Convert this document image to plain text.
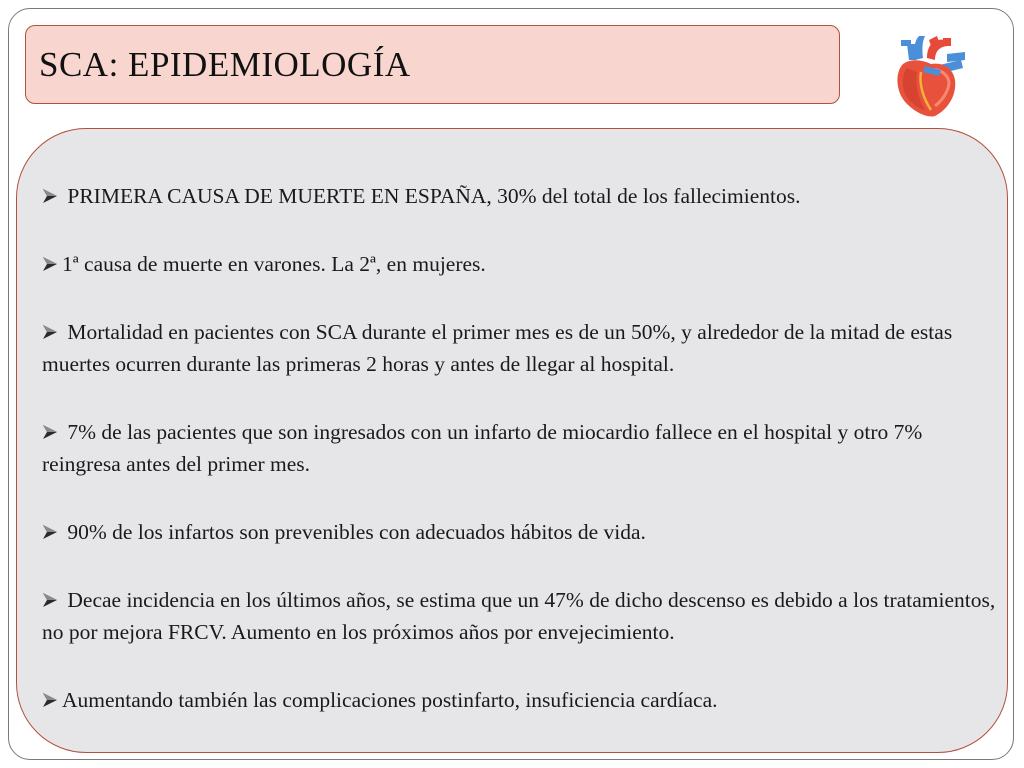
SCA: EPIDEMIOLOGÍA

PRIMERA CAUSA DE MUERTE EN ESPAÑA, 30% del total de los fallecimientos.

1ª causa de muerte en varones. La 2ª, en mujeres.

Mortalidad en pacientes con SCA durante el primer mes es de un 50%, y alrededor de la mitad de estas muertes ocurren durante las primeras 2 horas y antes de llegar al hospital.

7% de las pacientes que son ingresados con un infarto de miocardio fallece en el hospital y otro 7% reingresa antes del primer mes.

90% de los infartos son prevenibles con adecuados hábitos de vida.

Decae incidencia en los últimos años, se estima que un 47% de dicho descenso es debido a los tratamientos, no por mejora FRCV. Aumento en los próximos años por envejecimiento.

Aumentando también las complicaciones postinfarto, insuficiencia cardíaca.
